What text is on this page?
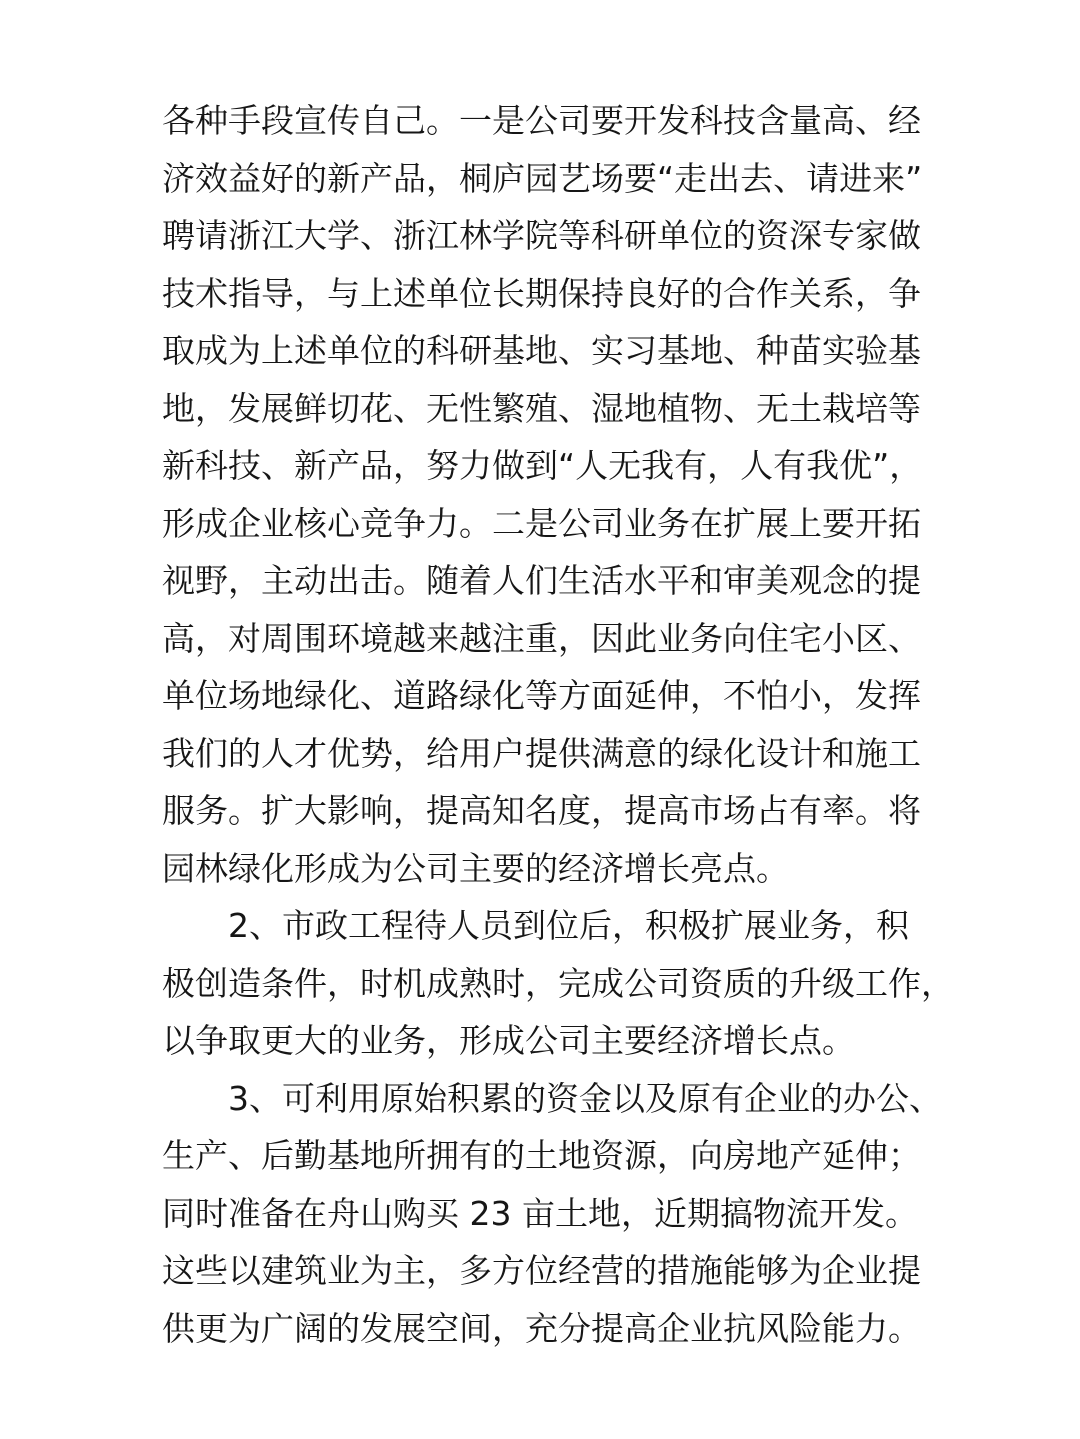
各种手段宣传自己。一是公司要开发科技含量高、经
济效益好的新产品，桐庐园艺场要“走出去、请进来”
聘请浙江大学、浙江林学院等科研单位的资深专家做
技术指导，与上述单位长期保持良好的合作关系，争
取成为上述单位的科研基地、实习基地、种苗实验基
地，发展鲜切花、无性繁殖、湿地植物、无土栽培等
新科技、新产品，努力做到“人无我有，人有我优”，
形成企业核心竞争力。二是公司业务在扩展上要开拓
视野，主动出击。随着人们生活水平和审美观念的提
高，对周围环境越来越注重，因此业务向住宅小区、
单位场地绿化、道路绿化等方面延伸，不怕小，发挥
我们的人才优势，给用户提供满意的绿化设计和施工
服务。扩大影响，提高知名度，提高市场占有率。将
园林绿化形成为公司主要的经济增长亮点。
2、市政工程待人员到位后，积极扩展业务，积
极创造条件，时机成熟时，完成公司资质的升级工作，
以争取更大的业务，形成公司主要经济增长点。
3、可利用原始积累的资金以及原有企业的办公、
生产、后勤基地所拥有的土地资源，向房地产延伸；
同时准备在舟山购买 23 亩土地，近期搞物流开发。
这些以建筑业为主，多方位经营的措施能够为企业提
供更为广阔的发展空间，充分提高企业抗风险能力。
